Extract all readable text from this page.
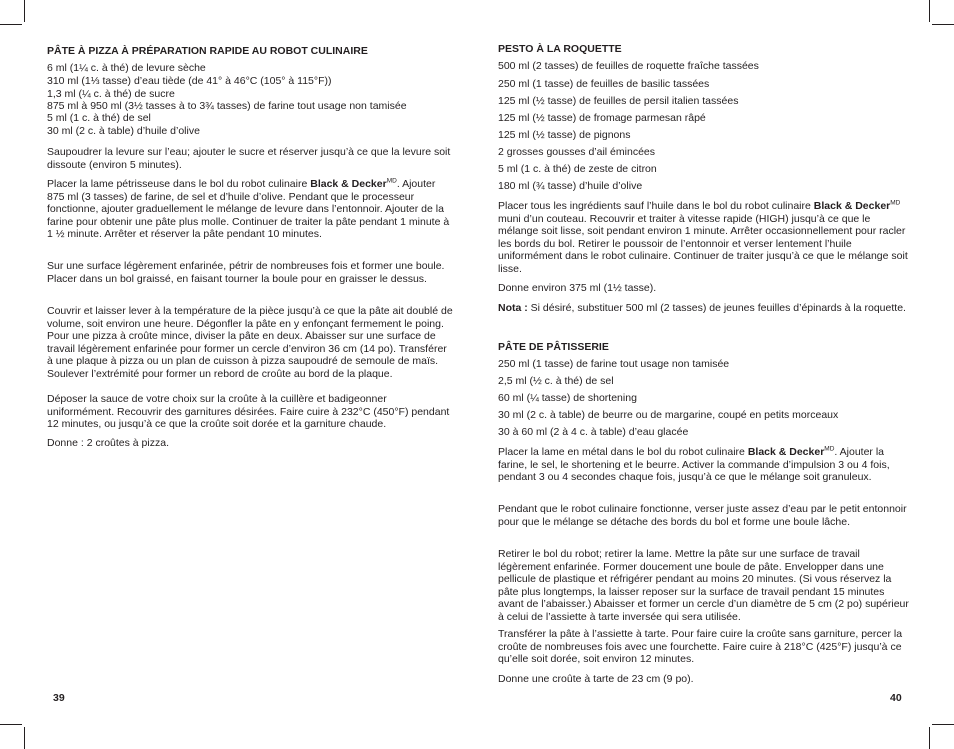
PÂTE À PIZZA À PRÉPARATION RAPIDE AU ROBOT CULINAIRE
6 ml (1¼ c. à thé) de levure sèche
310 ml (1⅓ tasse) d’eau tiède (de 41° à 46°C (105° à 115°F))
1,3 ml (¼ c. à thé) de sucre
875 ml à 950 ml (3½ tasses à to 3¾ tasses) de farine tout usage non tamisée
5 ml (1 c. à thé) de sel
30 ml (2 c. à table) d’huile d’olive

Saupoudrer la levure sur l’eau; ajouter le sucre et réserver jusqu’à ce que la levure soit dissoute (environ 5 minutes).

Placer la lame pétrisseuse dans le bol du robot culinaire Black & Decker$^{MD}$. Ajouter 875 ml (3 tasses) de farine, de sel et d’huile d’olive. Pendant que le processeur fonctionne, ajouter graduellement le mélange de levure dans l’entonnoir. Ajouter de la farine pour obtenir une pâte plus molle. Continuer de traiter la pâte pendant 1 minute à 1 ½ minute. Arrêter et réserver la pâte pendant 10 minutes.

Sur une surface légèrement enfarinée, pétrir de nombreuses fois et former une boule. Placer dans un bol graissé, en faisant tourner la boule pour en graisser le dessus.

Couvrir et laisser lever à la température de la pièce jusqu’à ce que la pâte ait doublé de volume, soit environ une heure. Dégonfler la pâte en y enfonçant fermement le poing. Pour une pizza à croûte mince, diviser la pâte en deux. Abaisser sur une surface de travail légèrement enfarinée pour former un cercle d’environ 36 cm (14 po). Transférer à une plaque à pizza ou un plan de cuisson à pizza saupoudré de semoule de maïs. Soulever l’extrémité pour former un rebord de croûte au bord de la plaque.

Déposer la sauce de votre choix sur la croûte à la cuillère et badigeonner uniformément. Recouvrir des garnitures désirées. Faire cuire à 232°C (450°F) pendant 12 minutes, ou jusqu’à ce que la croûte soit dorée et la garniture chaude.

Donne : 2 croûtes à pizza.
39
PESTO À LA ROQUETTE
500 ml (2 tasses) de feuilles de roquette fraîche tassées
250 ml (1 tasse) de feuilles de basilic tassées
125 ml (½ tasse) de feuilles de persil italien tassées
125 ml (½ tasse) de fromage parmesan râpé
125 ml (½ tasse) de pignons
2 grosses gousses d’ail émincées
5 ml (1 c. à thé) de zeste de citron
180 ml (¾ tasse) d’huile d’olive

Placer tous les ingrédients sauf l’huile dans le bol du robot culinaire Black & Decker$^{MD}$ muni d’un couteau. Recouvrir et traiter à vitesse rapide (HIGH) jusqu’à ce que le mélange soit lisse, soit pendant environ 1 minute. Arrêter occasionnellement pour racler les bords du bol. Retirer le poussoir de l’entonnoir et verser lentement l’huile uniformément dans le robot culinaire. Continuer de traiter jusqu’à ce que le mélange soit lisse.

Donne environ 375 ml (1½ tasse).

Nota : Si désiré, substituer 500 ml (2 tasses) de jeunes feuilles d’épinards à la roquette.

PÂTE DE PÂTISSERIE
250 ml (1 tasse) de farine tout usage non tamisée
2,5 ml (½ c. à thé) de sel
60 ml (¼ tasse) de shortening
30 ml (2 c. à table) de beurre ou de margarine, coupé en petits morceaux
30 à 60 ml (2 à 4 c. à table) d’eau glacée

Placer la lame en métal dans le bol du robot culinaire Black & Decker$^{MD}$. Ajouter la farine, le sel, le shortening et le beurre. Activer la commande d’impulsion 3 ou 4 fois, pendant 3 ou 4 secondes chaque fois, jusqu’à ce que le mélange soit granuleux.

Pendant que le robot culinaire fonctionne, verser juste assez d’eau par le petit entonnoir pour que le mélange se détache des bords du bol et forme une boule lâche.

Retirer le bol du robot; retirer la lame. Mettre la pâte sur une surface de travail légèrement enfarinée. Former doucement une boule de pâte. Envelopper dans une pellicule de plastique et réfrigérer pendant au moins 20 minutes. (Si vous réservez la pâte plus longtemps, la laisser reposer sur la surface de travail pendant 15 minutes avant de l’abaisser.) Abaisser et former un cercle d’un diamètre de 5 cm (2 po) supérieur à celui de l’assiette à tarte inversée qui sera utilisée.

Transférer la pâte à l’assiette à tarte. Pour faire cuire la croûte sans garniture, percer la croûte de nombreuses fois avec une fourchette. Faire cuire à 218°C (425°F) jusqu’à ce qu’elle soit dorée, soit environ 12 minutes.

Donne une croûte à tarte de 23 cm (9 po).
40
